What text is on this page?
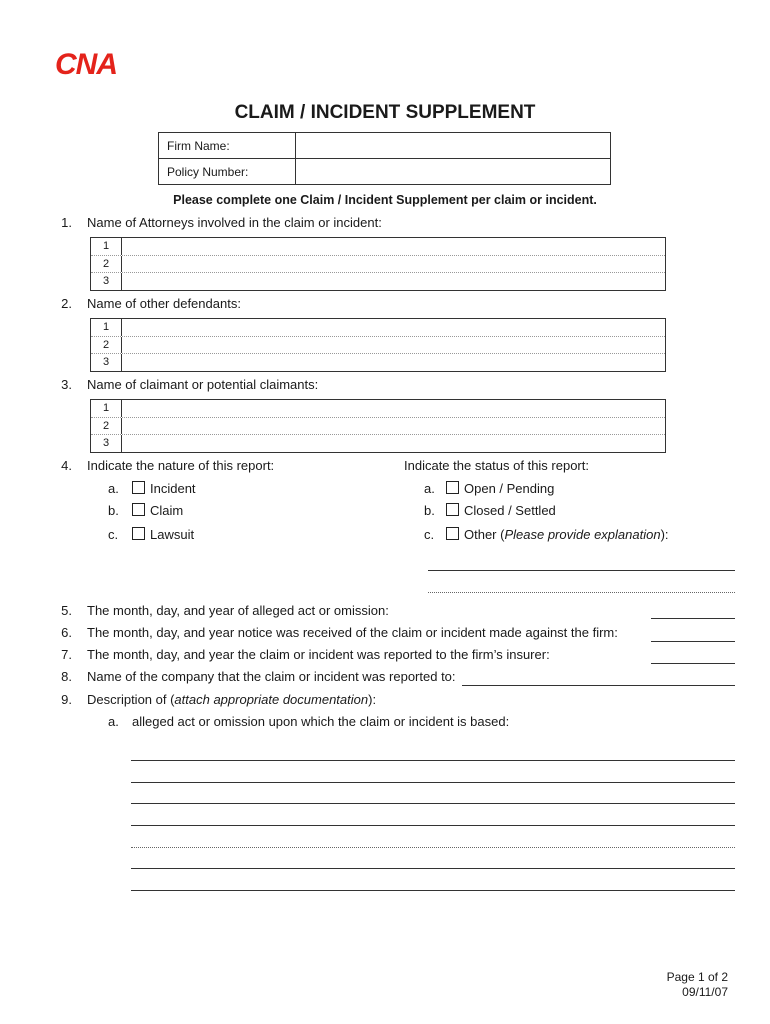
CNA
CLAIM / INCIDENT SUPPLEMENT
Firm Name:	
Policy Number:	
Please complete one Claim / Incident Supplement per claim or incident.
1. Name of Attorneys involved in the claim or incident:
1
2
3
2. Name of other defendants:
1
2
3
3. Name of claimant or potential claimants:
1
2
3
4. Indicate the nature of this report:	Indicate the status of this report:
a.	Incident
b.	Claim
c.	Lawsuit
a.	Open / Pending
b.	Closed / Settled
c.	Other (Please provide explanation):
5. The month, day, and year of alleged act or omission:
6. The month, day, and year notice was received of the claim or incident made against the firm:
7. The month, day, and year the claim or incident was reported to the firm’s insurer:
8. Name of the company that the claim or incident was reported to:
9. Description of (attach appropriate documentation):
a. alleged act or omission upon which the claim or incident is based:
Page 1 of 2
09/11/07
